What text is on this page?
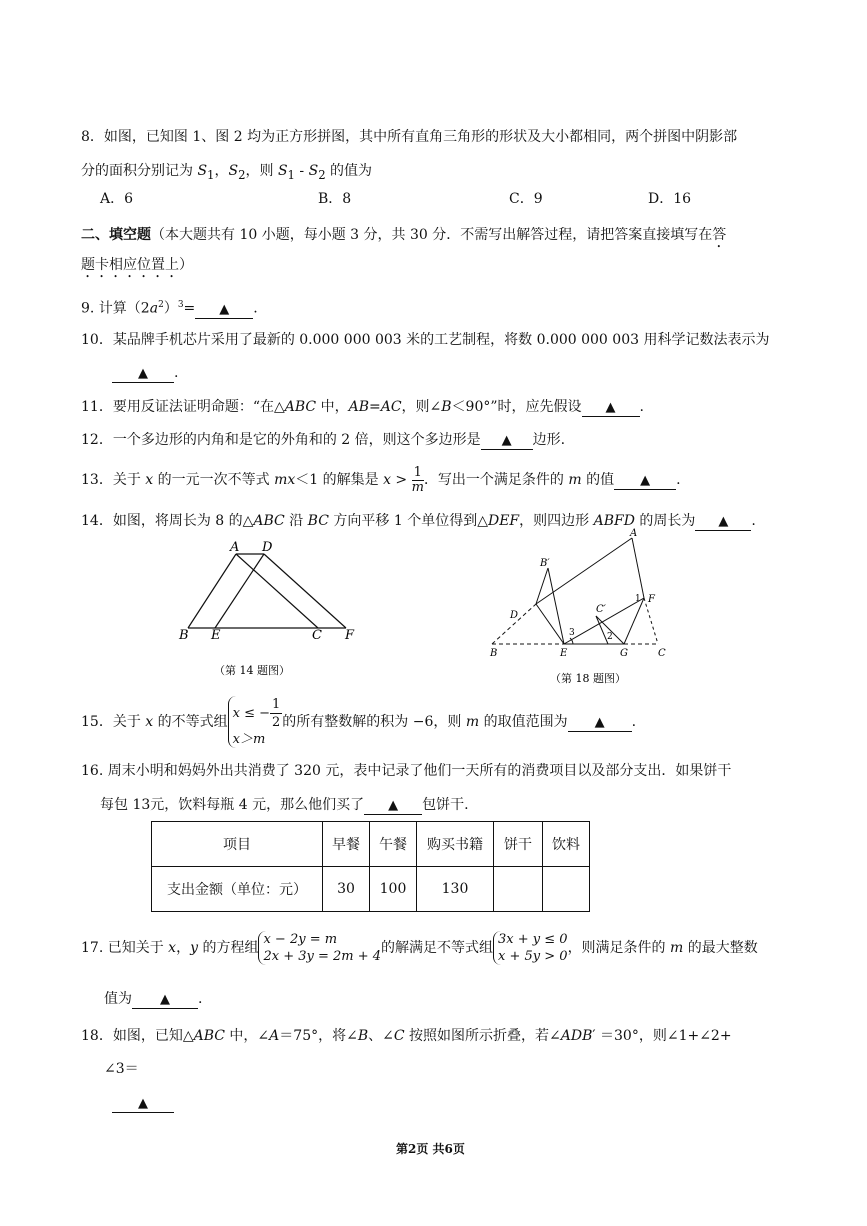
8．如图，已知图 1、图 2 均为正方形拼图，其中所有直角三角形的形状及大小都相同，两个拼图中阴影部
分的面积分别记为 $S_1$，$S_2$，则 $S_1 - S_2$ 的值为
A．6	B．8	C．9	D．16
二、填空题（本大题共有 10 小题，每小题 3 分，共 30 分．不需写出解答过程，请把答案直接填写在答
题卡相应位置上）
9. 计算$(2a^2)^3=$ ▲ .
10．某品牌手机芯片采用了最新的 0.000 000 003 米的工艺制程，将数 0.000 000 003 用科学记数法表示为
▲ .
11．要用反证法证明命题：“在△ABC 中，AB=AC，则∠B＜90°”时，应先假设 ▲ .
12．一个多边形的内角和是它的外角和的 2 倍，则这个多边形是 ▲ 边形.
13．关于 x 的一元一次不等式 mx＜1 的解集是 $x > \frac{1}{m}$ ．写出一个满足条件的 m 的值 ▲ .
14．如图，将周长为 8 的△ABC 沿 BC 方向平移 1 个单位得到△DEF，则四边形 ABFD 的周长为 ▲ .
A D
B E	C F
（第 14 题图）
A
B′
D
C′
F
1
2
3
B	E	G	C
（第 18 题图）
15．关于 x 的不等式组
x ≤ − $\frac{1}{2}$
x＞m
的所有整数解的积为 −6，则 m 的取值范围为 ▲ .
16. 周末小明和妈妈外出共消费了 320 元，表中记录了他们一天所有的消费项目以及部分支出．如果饼干
每包 13元，饮料每瓶 4 元，那么他们买了 ▲ 包饼干.
项目	早餐	午餐	购买书籍	饼干	饮料
支出金额（单位：元）	30	100	130		
17. 已知关于 x，y 的方程组
x − 2y = m
2x + 3y = 2m + 4
的解满足不等式组
3x + y ≤ 0
x + 5y > 0
，则满足条件的 m 的最大整数
值为 ▲ .
18．如图，已知△ABC 中，∠A＝75°，将∠B、∠C 按照如图所示折叠，若∠ADB′ ＝30°，则∠1+∠2+
∠3＝
▲
第2页 共6页
